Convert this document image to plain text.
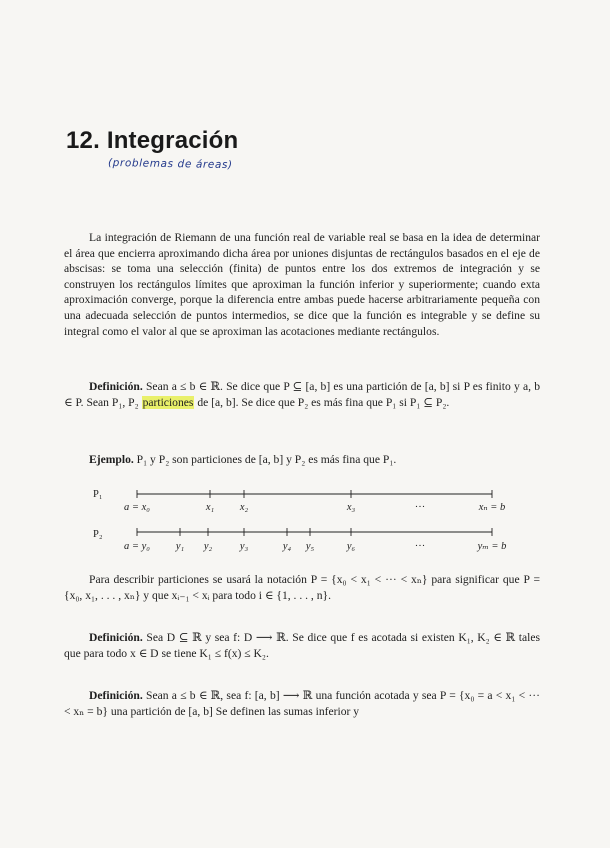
12. Integración
(problemas de áreas)

La integración de Riemann de una función real de variable real se basa en la idea de determinar el área que encierra aproximando dicha área por uniones disjuntas de rectángulos basados en el eje de abscisas: se toma una selección (finita) de puntos entre los dos extremos de integración y se construyen los rectángulos límites que aproximan la función inferior y superiormente; cuando exta aproximación converge, porque la diferencia entre ambas puede hacerse arbitrariamente pequeña con una adecuada selección de puntos intermedios, se dice que la función es integrable y se define su integral como el valor al que se aproximan las acotaciones mediante rectángulos.

Definición. Sean a ≤ b ∈ ℝ. Se dice que P ⊆ [a, b] es una partición de [a, b] si P es finito y a, b ∈ P. Sean P₁, P₂ particiones de [a, b]. Se dice que P₂ es más fina que P₁ si P₁ ⊆ P₂.

Ejemplo. P₁ y P₂ son particiones de [a, b] y P₂ es más fina que P₁.

P₁
a = x₀	x₁ x₂	x₃	···	xₙ = b
P₂
a = y₀ y₁ y₂	y₃	y₄ y₅	y₆	···	yₘ = b

Para describir particiones se usará la notación P = {x₀ < x₁ < ··· < xₙ} para significar que P = {x₀, x₁, . . . , xₙ} y que xᵢ₋₁ < xᵢ para todo i ∈ {1, . . . , n}.

Definición. Sea D ⊆ ℝ y sea f: D ⟶ ℝ. Se dice que f es acotada si existen K₁, K₂ ∈ ℝ tales que para todo x ∈ D se tiene K₁ ≤ f(x) ≤ K₂.

Definición. Sean a ≤ b ∈ ℝ, sea f: [a, b] ⟶ ℝ una función acotada y sea P = {x₀ = a < x₁ < ··· < xₙ = b} una partición de [a, b] Se definen las sumas inferior y
